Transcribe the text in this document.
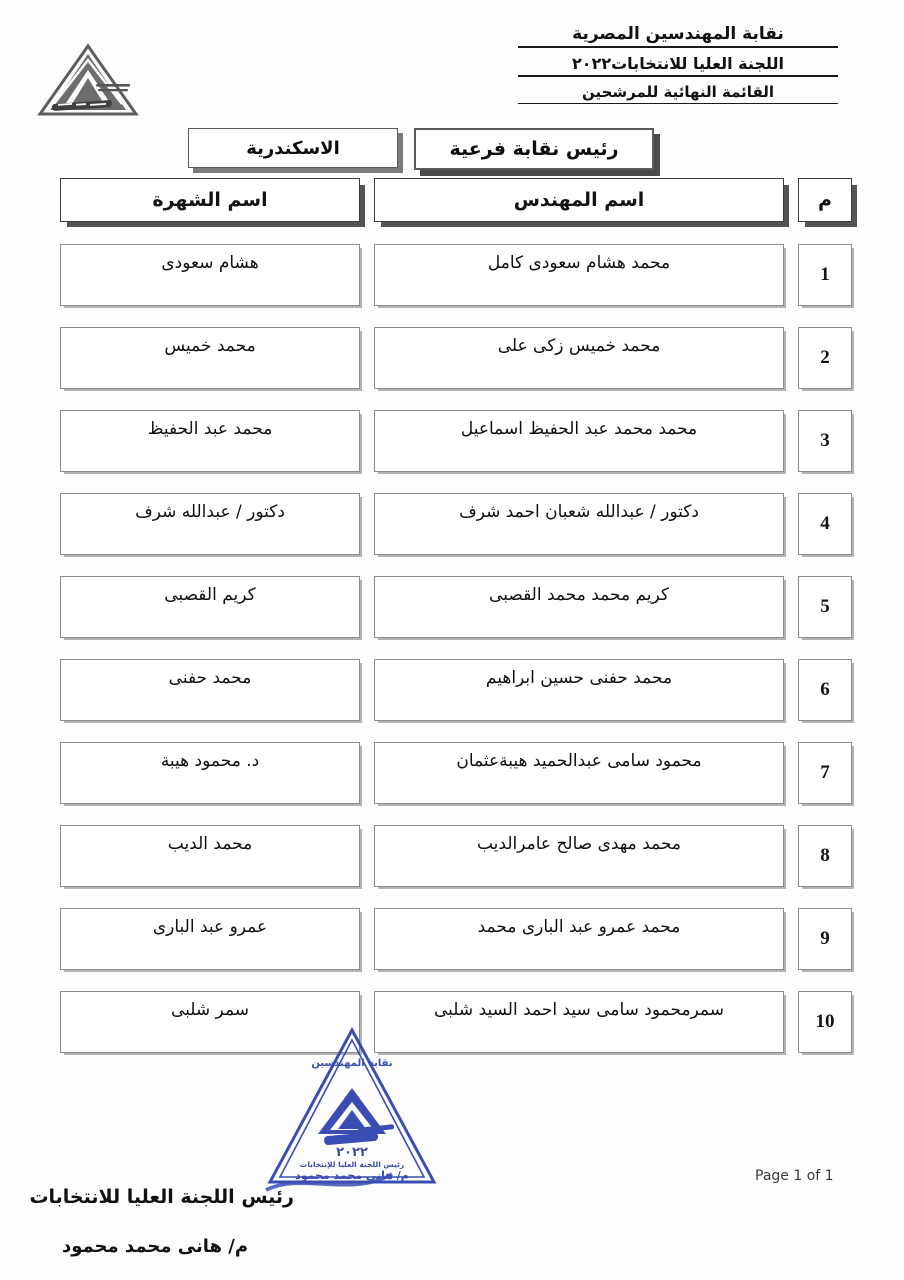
نقابة المهندسين المصرية
اللجنة العليا للانتخابات٢٠٢٢
القائمة النهائية للمرشحين
رئيس نقابة فرعية
الاسكندرية
م
اسم المهندس
اسم الشهرة
1
محمد هشام سعودى كامل
هشام سعودى
2
محمد خميس زكى على
محمد خميس
3
محمد محمد عبد الحفيظ اسماعيل
محمد عبد الحفيظ
4
دكتور / عبدالله شعبان احمد شرف
دكتور / عبدالله شرف
5
كريم محمد محمد القصبى
كريم القصبى
6
محمد حفنى حسين ابراهيم
محمد حفنى
7
محمود سامى عبدالحميد هيبةعثمان
د. محمود هيبة
8
محمد مهدى صالح عامرالديب
محمد الديب
9
محمد عمرو عبد البارى محمد
عمرو عبد البارى
10
سمرمحمود سامى سيد احمد السيد شلبى
سمر شلبى
نقابة المهندسين
٢٠٢٢
رئيس اللجنة العليا للإنتخابات
م/ هاني محمد محمود
رئيس اللجنة العليا للانتخابات
م/ هانى محمد محمود
Page 1 of 1
